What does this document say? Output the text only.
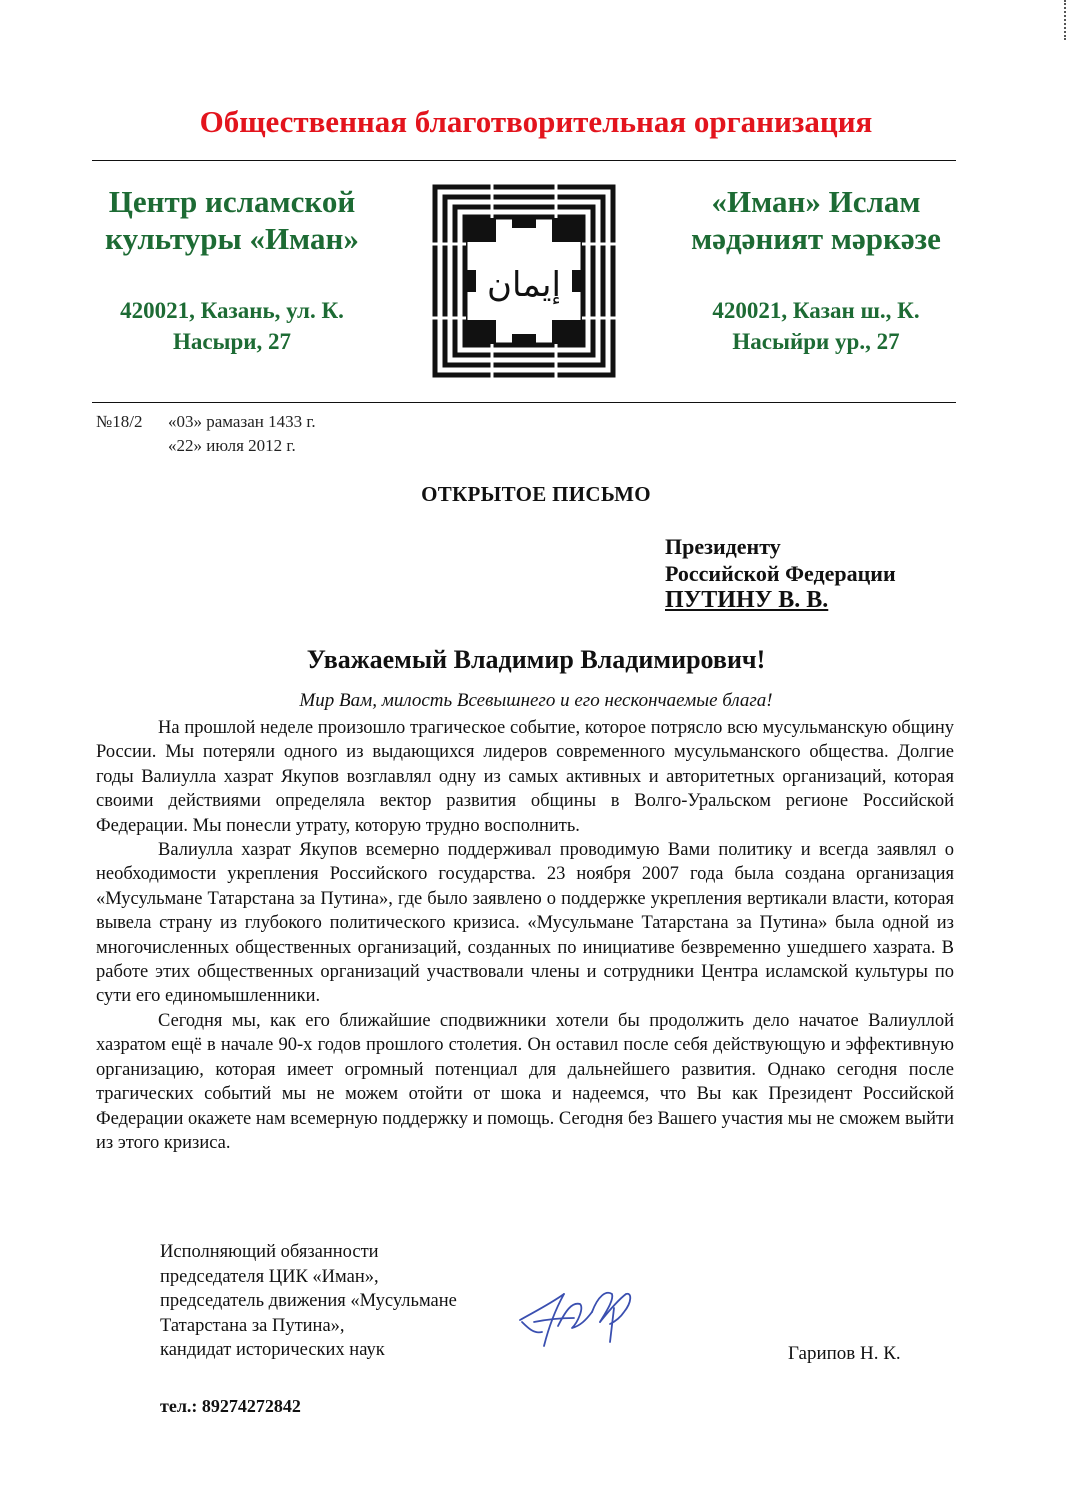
Общественная благотворительная организация
Центр исламской
культуры «Иман»
420021, Казань, ул. К.
Насыри, 27
إيمان
«Иман» Ислам
мәдәният мәркәзе
420021, Казан ш., К.
Насыйри ур., 27
№18/2 «03» рамазан 1433 г.
«22» июля 2012 г.
ОТКРЫТОЕ ПИСЬМО
Президенту
Российской Федерации
ПУТИНУ В. В.
Уважаемый Владимир Владимирович!
Мир Вам, милость Всевышнего и его нескончаемые блага!

На прошлой неделе произошло трагическое событие, которое потрясло всю мусульманскую общину России. Мы потеряли одного из выдающихся лидеров современного мусульманского общества. Долгие годы Валиулла хазрат Якупов возглавлял одну из самых активных и авторитетных организаций, которая своими действиями определяла вектор развития общины в Волго-Уральском регионе Российской Федерации. Мы понесли утрату, которую трудно восполнить.

Валиулла хазрат Якупов всемерно поддерживал проводимую Вами политику и всегда заявлял о необходимости укрепления Российского государства. 23 ноября 2007 года была создана организация «Мусульмане Татарстана за Путина», где было заявлено о поддержке укрепления вертикали власти, которая вывела страну из глубокого политического кризиса. «Мусульмане Татарстана за Путина» была одной из многочисленных общественных организаций, созданных по инициативе безвременно ушедшего хазрата. В работе этих общественных организаций участвовали члены и сотрудники Центра исламской культуры по сути его единомышленники.

Сегодня мы, как его ближайшие сподвижники хотели бы продолжить дело начатое Валиуллой хазратом ещё в начале 90-х годов прошлого столетия. Он оставил после себя действующую и эффективную организацию, которая имеет огромный потенциал для дальнейшего развития. Однако сегодня после трагических событий мы не можем отойти от шока и надеемся, что Вы как Президент Российской Федерации окажете нам всемерную поддержку и помощь. Сегодня без Вашего участия мы не сможем выйти из этого кризиса.

Исполняющий обязанности
председателя ЦИК «Иман»,
председатель движения «Мусульмане
Татарстана за Путина»,
кандидат исторических наук	Гарипов Н. К.
тел.: 89274272842
